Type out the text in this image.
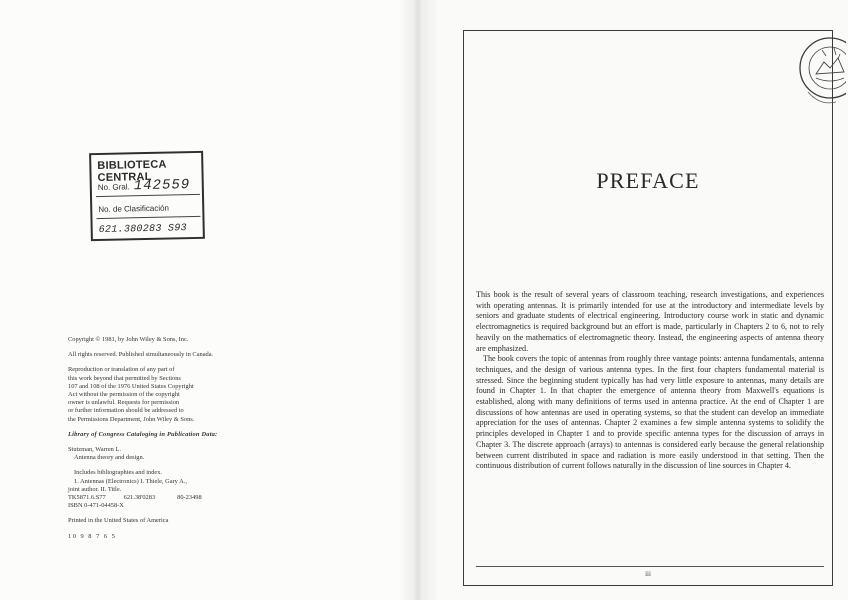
BIBLIOTECA CENTRAL
No. Gral. 142559
No. de Clasificación
621.380283 S93

Copyright © 1981, by John Wiley & Sons, Inc.

All rights reserved. Published simultaneously in Canada.

Reproduction or translation of any part of

this work beyond that permitted by Sections

107 and 108 of the 1976 United States Copyright

Act without the permission of the copyright

owner is unlawful. Requests for permission

or further information should be addressed to

the Permissions Department, John Wiley & Sons.

Library of Congress Cataloging in Publication Data:

Stutzman, Warren L.

Antenna theory and design.

Includes bibliographies and index.

1. Antennas (Electronics) I. Thiele, Gary A.,

joint author. II. Title.

TK5871.6.S77	621.38'0283	80-23498

ISBN 0-471-04458-X

Printed in the United States of America

10 9 8 7 6 5

PREFACE

This book is the result of several years of classroom teaching, research investigations, and experiences with operating antennas. It is primarily intended for use at the introductory and intermediate levels by seniors and graduate students of electrical engineering. Introductory course work in static and dynamic electromagnetics is required background but an effort is made, particularly in Chapters 2 to 6, not to rely heavily on the mathematics of electromagnetic theory. Instead, the engineering aspects of antenna theory are emphasized.

The book covers the topic of antennas from roughly three vantage points: antenna fundamentals, antenna techniques, and the design of various antenna types. In the first four chapters fundamental material is stressed. Since the beginning student typically has had very little exposure to antennas, many details are found in Chapter 1. In that chapter the emergence of antenna theory from Maxwell's equations is established, along with many definitions of terms used in antenna practice. At the end of Chapter 1 are discussions of how antennas are used in operating systems, so that the student can develop an immediate appreciation for the uses of antennas. Chapter 2 examines a few simple antenna systems to solidify the principles developed in Chapter 1 and to provide specific antenna types for the discussion of arrays in Chapter 3. The discrete approach (arrays) to antennas is considered early because the general relationship between current distributed in space and radiation is more easily understood in that setting. Then the continuous distribution of current follows naturally in the discussion of line sources in Chapter 4.

iii
